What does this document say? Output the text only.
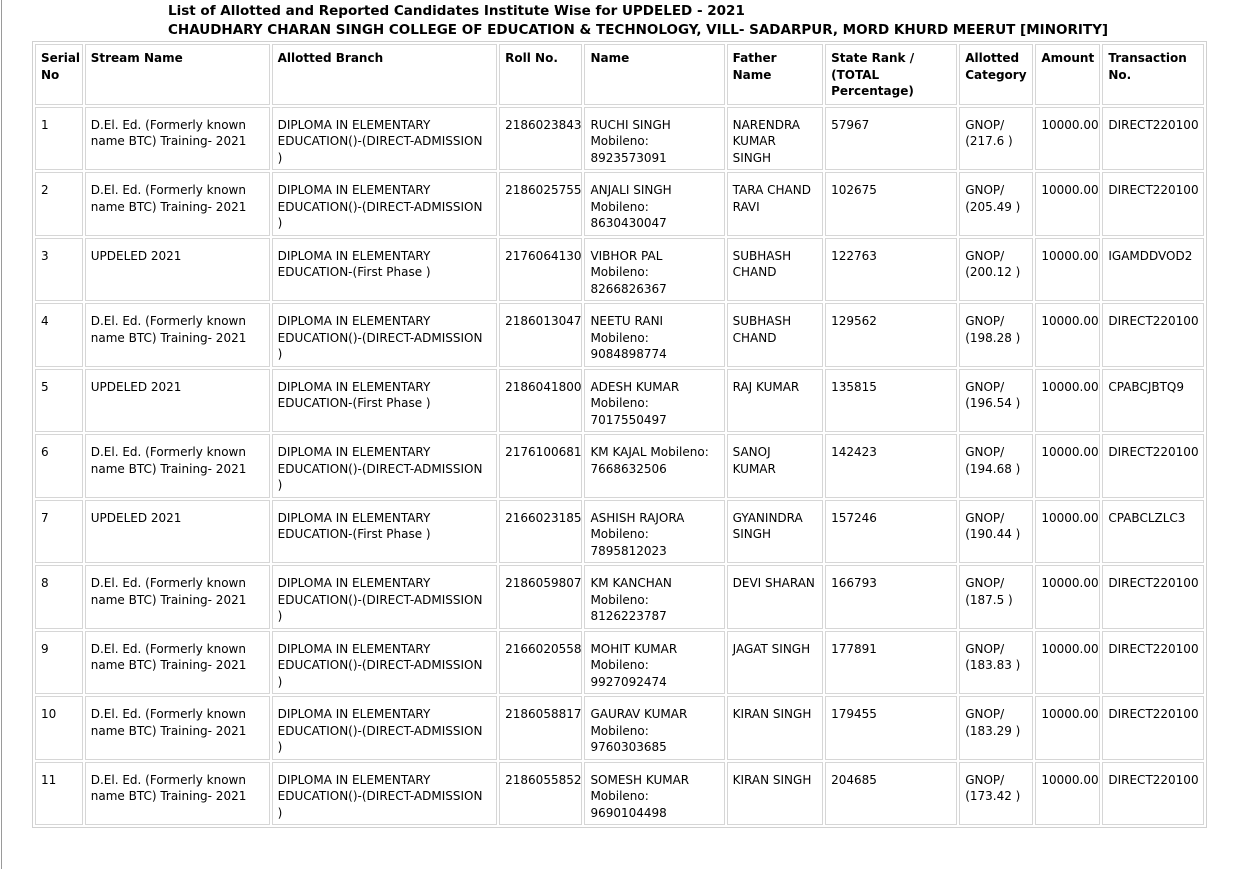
List of Allotted and Reported Candidates Institute Wise for UPDELED - 2021
CHAUDHARY CHARAN SINGH COLLEGE OF EDUCATION & TECHNOLOGY, VILL- SADARPUR, MORD KHURD MEERUT [MINORITY]
Serial No	Stream Name	Allotted Branch	Roll No.	Name	Father Name	State Rank / (TOTAL Percentage)	Allotted Category	Amount	Transaction No.
1	D.El. Ed. (Formerly known name BTC) Training- 2021	DIPLOMA IN ELEMENTARY EDUCATION()-(DIRECT-ADMISSION )	2186023843	RUCHI SINGH Mobileno: 8923573091	NARENDRA KUMAR SINGH	57967	GNOP/ (217.6 )	10000.00	DIRECT220100
2	D.El. Ed. (Formerly known name BTC) Training- 2021	DIPLOMA IN ELEMENTARY EDUCATION()-(DIRECT-ADMISSION )	2186025755	ANJALI SINGH Mobileno: 8630430047	TARA CHAND RAVI	102675	GNOP/ (205.49 )	10000.00	DIRECT220100
3	UPDELED 2021	DIPLOMA IN ELEMENTARY EDUCATION-(First Phase )	2176064130	VIBHOR PAL Mobileno: 8266826367	SUBHASH CHAND	122763	GNOP/ (200.12 )	10000.00	IGAMDDVOD2
4	D.El. Ed. (Formerly known name BTC) Training- 2021	DIPLOMA IN ELEMENTARY EDUCATION()-(DIRECT-ADMISSION )	2186013047	NEETU RANI Mobileno: 9084898774	SUBHASH CHAND	129562	GNOP/ (198.28 )	10000.00	DIRECT220100
5	UPDELED 2021	DIPLOMA IN ELEMENTARY EDUCATION-(First Phase )	2186041800	ADESH KUMAR Mobileno: 7017550497	RAJ KUMAR	135815	GNOP/ (196.54 )	10000.00	CPABCJBTQ9
6	D.El. Ed. (Formerly known name BTC) Training- 2021	DIPLOMA IN ELEMENTARY EDUCATION()-(DIRECT-ADMISSION )	2176100681	KM KAJAL Mobileno: 7668632506	SANOJ KUMAR	142423	GNOP/ (194.68 )	10000.00	DIRECT220100
7	UPDELED 2021	DIPLOMA IN ELEMENTARY EDUCATION-(First Phase )	2166023185	ASHISH RAJORA Mobileno: 7895812023	GYANINDRA SINGH	157246	GNOP/ (190.44 )	10000.00	CPABCLZLC3
8	D.El. Ed. (Formerly known name BTC) Training- 2021	DIPLOMA IN ELEMENTARY EDUCATION()-(DIRECT-ADMISSION )	2186059807	KM KANCHAN Mobileno: 8126223787	DEVI SHARAN	166793	GNOP/ (187.5 )	10000.00	DIRECT220100
9	D.El. Ed. (Formerly known name BTC) Training- 2021	DIPLOMA IN ELEMENTARY EDUCATION()-(DIRECT-ADMISSION )	2166020558	MOHIT KUMAR Mobileno: 9927092474	JAGAT SINGH	177891	GNOP/ (183.83 )	10000.00	DIRECT220100
10	D.El. Ed. (Formerly known name BTC) Training- 2021	DIPLOMA IN ELEMENTARY EDUCATION()-(DIRECT-ADMISSION )	2186058817	GAURAV KUMAR Mobileno: 9760303685	KIRAN SINGH	179455	GNOP/ (183.29 )	10000.00	DIRECT220100
11	D.El. Ed. (Formerly known name BTC) Training- 2021	DIPLOMA IN ELEMENTARY EDUCATION()-(DIRECT-ADMISSION )	2186055852	SOMESH KUMAR Mobileno: 9690104498	KIRAN SINGH	204685	GNOP/ (173.42 )	10000.00	DIRECT220100
